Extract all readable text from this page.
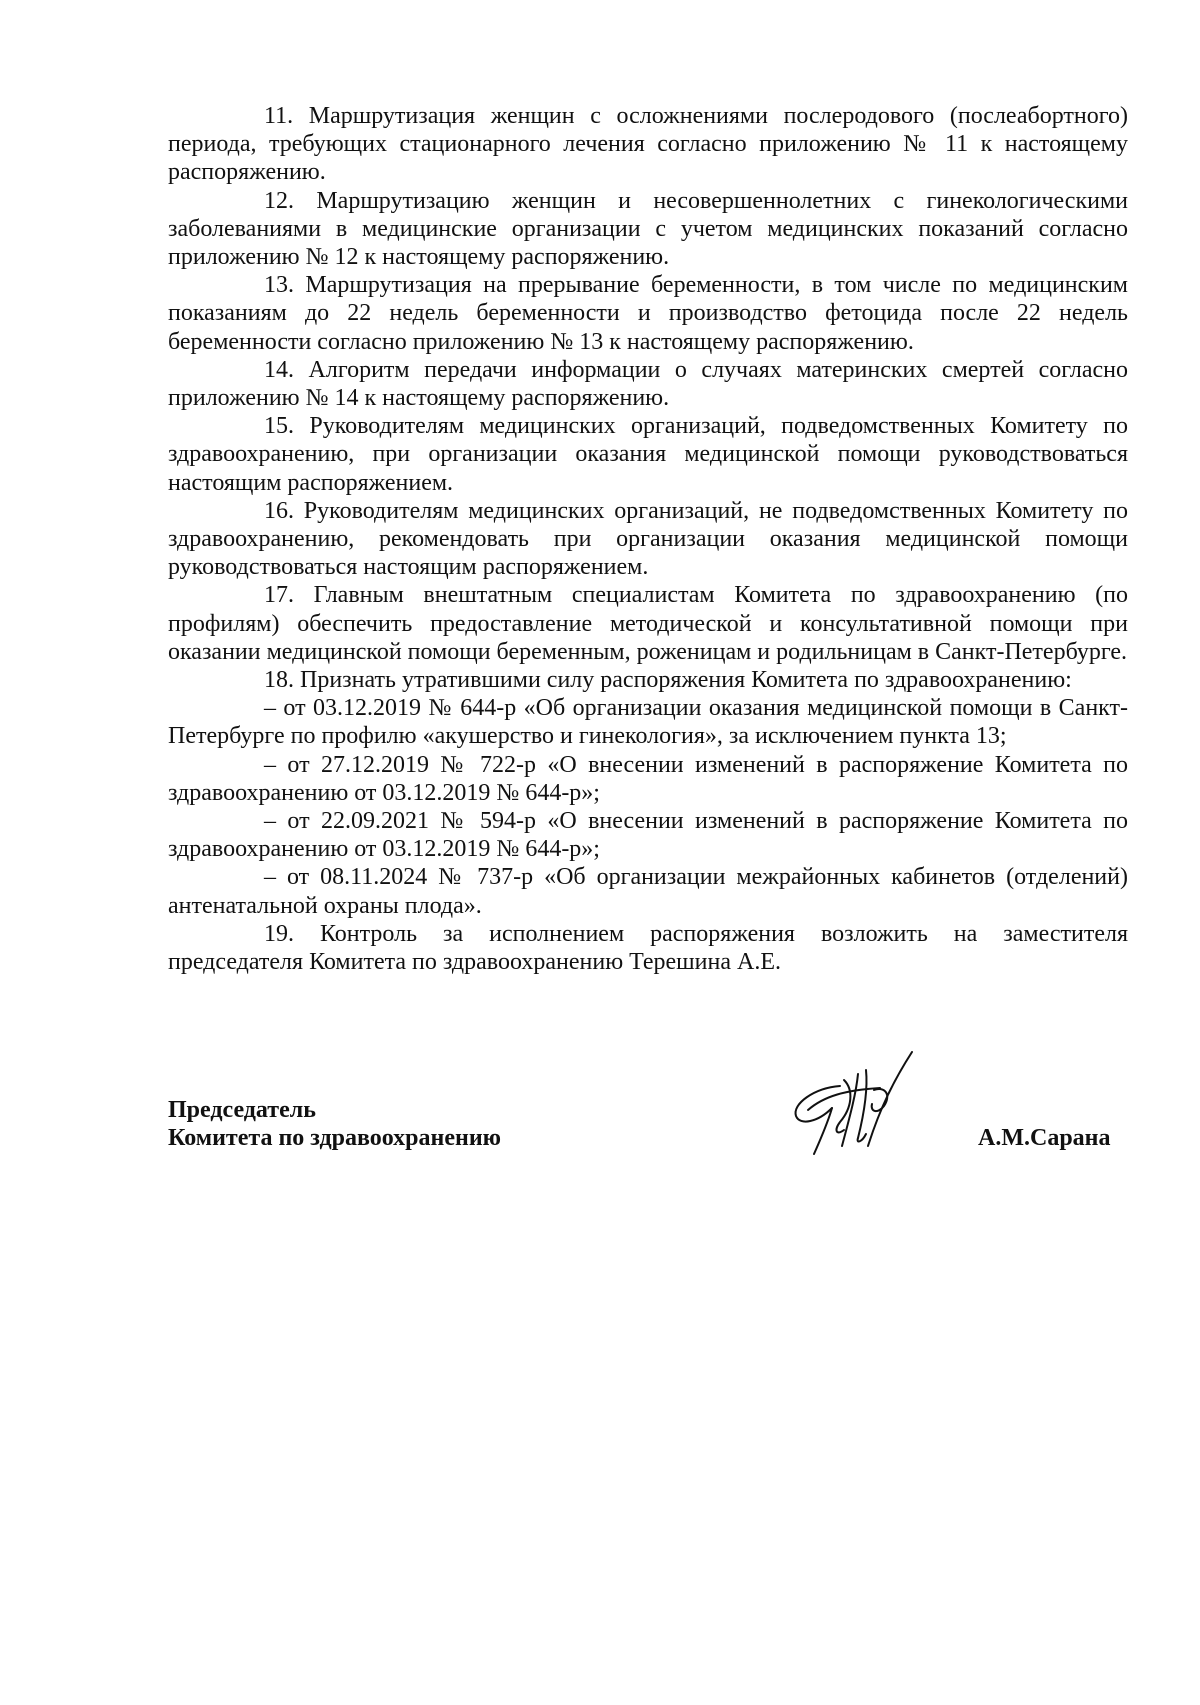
11. Маршрутизация женщин с осложнениями послеродового (послеабортного) периода, требующих стационарного лечения согласно приложению № 11 к настоящему распоряжению.

12. Маршрутизацию женщин и несовершеннолетних с гинекологическими заболеваниями в медицинские организации с учетом медицинских показаний согласно приложению № 12 к настоящему распоряжению.

13. Маршрутизация на прерывание беременности, в том числе по медицинским показаниям до 22 недель беременности и производство фетоцида после 22 недель беременности согласно приложению № 13 к настоящему распоряжению.

14. Алгоритм передачи информации о случаях материнских смертей согласно приложению № 14 к настоящему распоряжению.

15. Руководителям медицинских организаций, подведомственных Комитету по здравоохранению, при организации оказания медицинской помощи руководствоваться настоящим распоряжением.

16. Руководителям медицинских организаций, не подведомственных Комитету по здравоохранению, рекомендовать при организации оказания медицинской помощи руководствоваться настоящим распоряжением.

17. Главным внештатным специалистам Комитета по здравоохранению (по профилям) обеспечить предоставление методической и консультативной помощи при оказании медицинской помощи беременным, роженицам и родильницам в Санкт-Петербурге.

18. Признать утратившими силу распоряжения Комитета по здравоохранению:

– от 03.12.2019 № 644-р «Об организации оказания медицинской помощи в Санкт-Петербурге по профилю «акушерство и гинекология», за исключением пункта 13;

– от 27.12.2019 № 722-р «О внесении изменений в распоряжение Комитета по здравоохранению от 03.12.2019 № 644-р»;

– от 22.09.2021 № 594-р «О внесении изменений в распоряжение Комитета по здравоохранению от 03.12.2019 № 644-р»;

– от 08.11.2024 № 737-р «Об организации межрайонных кабинетов (отделений) антенатальной охраны плода».

19. Контроль за исполнением распоряжения возложить на заместителя председателя Комитета по здравоохранению Терешина А.Е.

Председатель
Комитета по здравоохранению	А.М.Сарана
